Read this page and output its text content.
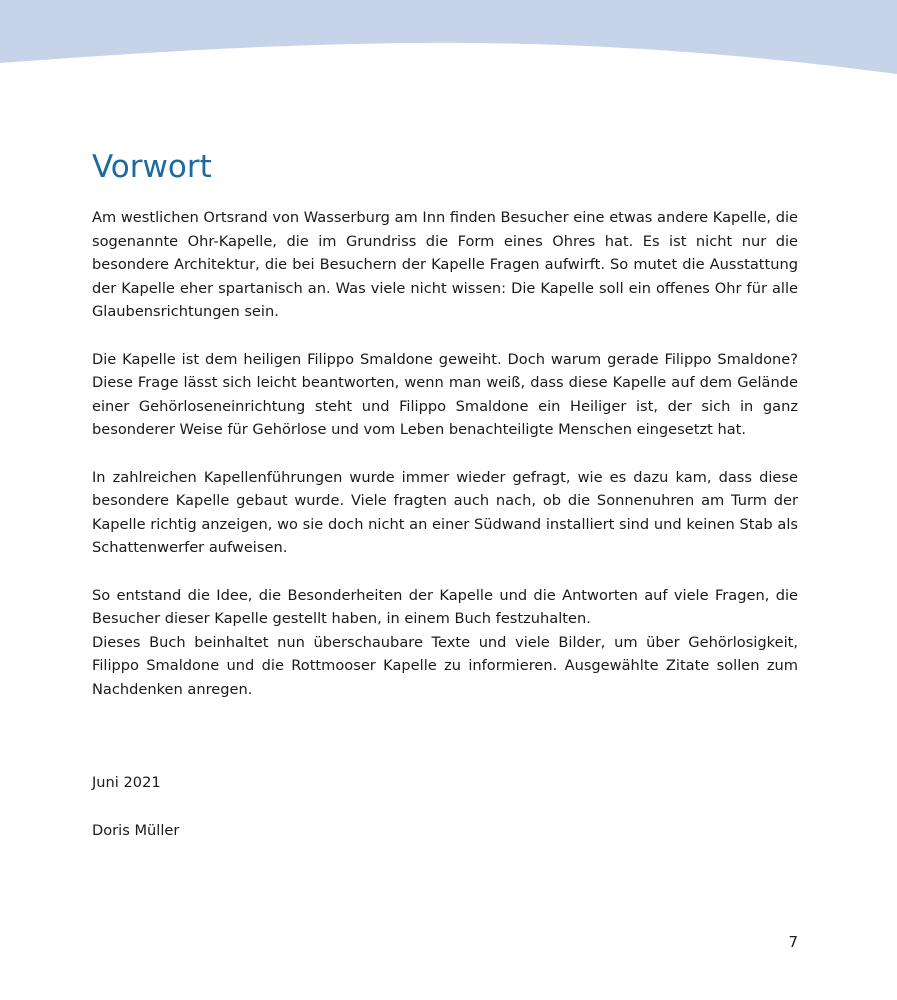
Vorwort

Am westlichen Ortsrand von Wasserburg am Inn finden Besucher eine etwas andere Kapelle, die sogenannte Ohr-Kapelle, die im Grundriss die Form eines Ohres hat. Es ist nicht nur die besondere Architektur, die bei Besuchern der Kapelle Fragen aufwirft. So mutet die Ausstattung der Kapelle eher spartanisch an. Was viele nicht wissen: Die Kapelle soll ein offenes Ohr für alle Glaubensrichtungen sein.

Die Kapelle ist dem heiligen Filippo Smaldone geweiht. Doch warum gerade Filippo Smaldone? Diese Frage lässt sich leicht beantworten, wenn man weiß, dass diese Kapelle auf dem Gelände einer Gehörloseneinrichtung steht und Filippo Smaldone ein Heiliger ist, der sich in ganz besonderer Weise für Gehörlose und vom Leben benachteiligte Menschen eingesetzt hat.

In zahlreichen Kapellenführungen wurde immer wieder gefragt, wie es dazu kam, dass diese besondere Kapelle gebaut wurde. Viele fragten auch nach, ob die Sonnenuhren am Turm der Kapelle richtig anzeigen, wo sie doch nicht an einer Südwand installiert sind und keinen Stab als Schattenwerfer aufweisen.

So entstand die Idee, die Besonderheiten der Kapelle und die Antworten auf viele Fragen, die Besucher dieser Kapelle gestellt haben, in einem Buch festzuhalten.

Dieses Buch beinhaltet nun überschaubare Texte und viele Bilder, um über Gehörlosigkeit, Filippo Smaldone und die Rottmooser Kapelle zu informieren. Ausgewählte Zitate sollen zum Nachdenken anregen.

Juni 2021
Doris Müller
7
